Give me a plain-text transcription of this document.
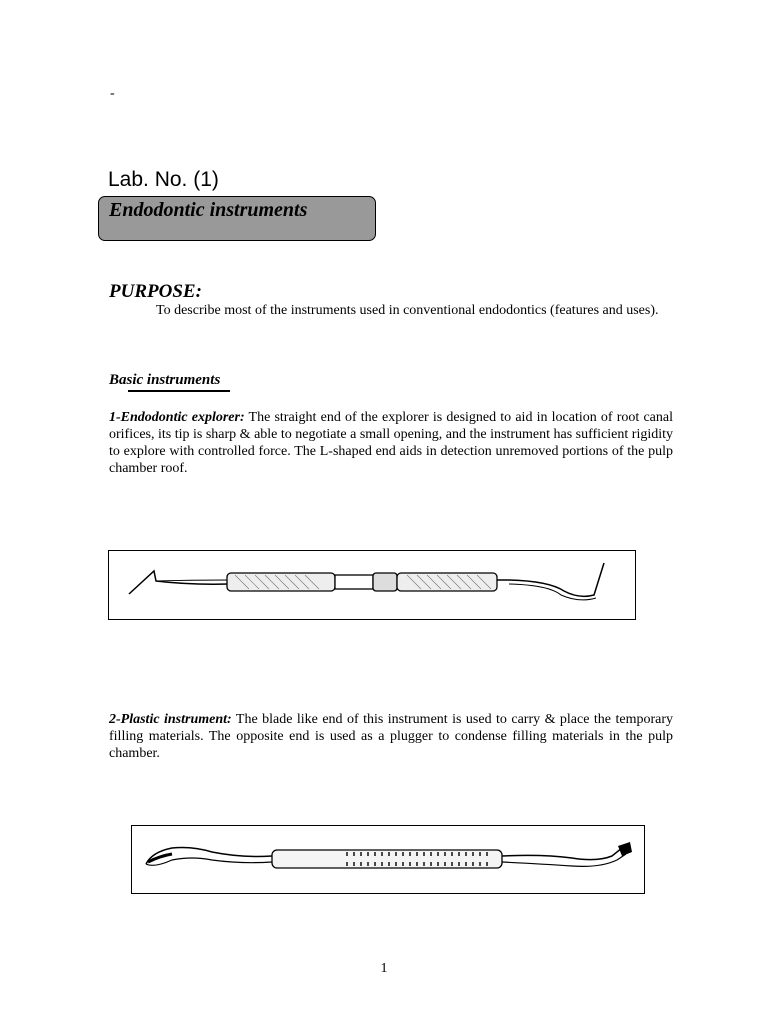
-
Lab. No. (1)
Endodontic instruments
PURPOSE:
To describe most of the instruments used in conventional endodontics (features and uses).
Basic instruments
1-Endodontic explorer: The straight end of the explorer is designed to aid in location of root canal orifices, its tip is sharp & able to negotiate a small opening, and the instrument has sufficient rigidity to explore with controlled force. The L-shaped end aids in detection unremoved portions of the pulp chamber roof.
2-Plastic instrument: The blade like end of this instrument is used to carry & place the temporary filling materials. The opposite end is used as a plugger to condense filling materials in the pulp chamber.
1
